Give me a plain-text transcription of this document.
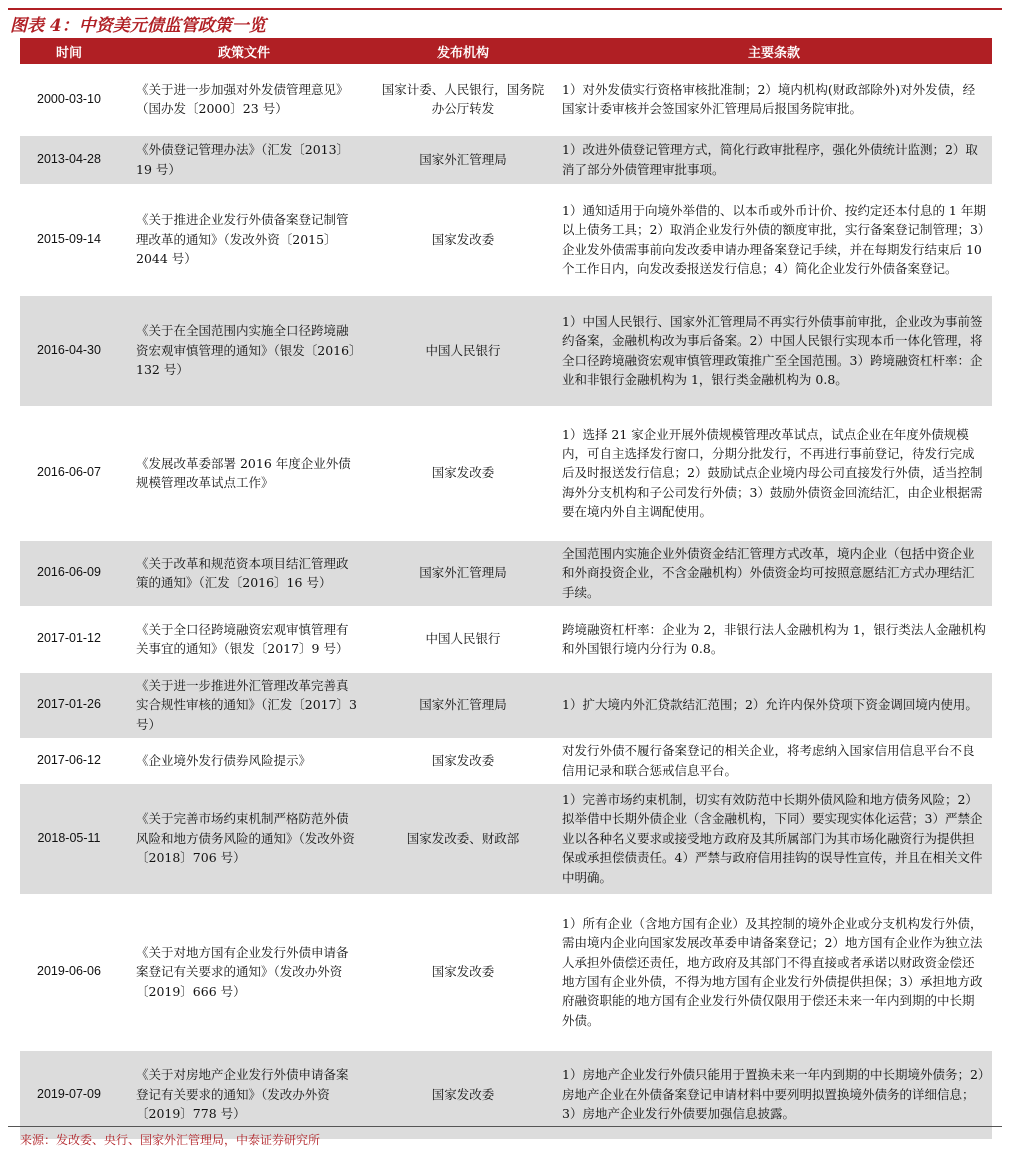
图表 4：中资美元债监管政策一览
时间	政策文件	发布机构	主要条款
2000-03-10	《关于进一步加强对外发债管理意见》（国办发〔2000〕23 号）	国家计委、人民银行，国务院办公厅转发	1）对外发债实行资格审核批准制；2）境内机构(财政部除外)对外发债，经国家计委审核并会签国家外汇管理局后报国务院审批。
2013-04-28	《外债登记管理办法》（汇发〔2013〕19 号）	国家外汇管理局	1）改进外债登记管理方式，简化行政审批程序，强化外债统计监测；2）取消了部分外债管理审批事项。
2015-09-14	《关于推进企业发行外债备案登记制管理改革的通知》（发改外资〔2015〕2044 号）	国家发改委	1）通知适用于向境外举借的、以本币或外币计价、按约定还本付息的 1 年期以上债务工具；2）取消企业发行外债的额度审批，实行备案登记制管理；3）企业发外债需事前向发改委申请办理备案登记手续，并在每期发行结束后 10 个工作日内，向发改委报送发行信息；4）简化企业发行外债备案登记。
2016-04-30	《关于在全国范围内实施全口径跨境融资宏观审慎管理的通知》（银发〔2016〕132 号）	中国人民银行	1）中国人民银行、国家外汇管理局不再实行外债事前审批，企业改为事前签约备案，金融机构改为事后备案。2）中国人民银行实现本币一体化管理，将全口径跨境融资宏观审慎管理政策推广至全国范围。3）跨境融资杠杆率：企业和非银行金融机构为 1，银行类金融机构为 0.8。
2016-06-07	《发展改革委部署 2016 年度企业外债规模管理改革试点工作》	国家发改委	1）选择 21 家企业开展外债规模管理改革试点，试点企业在年度外债规模内，可自主选择发行窗口，分期分批发行，不再进行事前登记，待发行完成后及时报送发行信息；2）鼓励试点企业境内母公司直接发行外债，适当控制海外分支机构和子公司发行外债；3）鼓励外债资金回流结汇，由企业根据需要在境内外自主调配使用。
2016-06-09	《关于改革和规范资本项目结汇管理政策的通知》（汇发〔2016〕16 号）	国家外汇管理局	全国范围内实施企业外债资金结汇管理方式改革，境内企业（包括中资企业和外商投资企业，不含金融机构）外债资金均可按照意愿结汇方式办理结汇手续。
2017-01-12	《关于全口径跨境融资宏观审慎管理有关事宜的通知》（银发〔2017〕9 号）	中国人民银行	跨境融资杠杆率：企业为 2，非银行法人金融机构为 1，银行类法人金融机构和外国银行境内分行为 0.8。
2017-01-26	《关于进一步推进外汇管理改革完善真实合规性审核的通知》（汇发〔2017〕3 号）	国家外汇管理局	1）扩大境内外汇贷款结汇范围；2）允许内保外贷项下资金调回境内使用。
2017-06-12	《企业境外发行债券风险提示》	国家发改委	对发行外债不履行备案登记的相关企业，将考虑纳入国家信用信息平台不良信用记录和联合惩戒信息平台。
2018-05-11	《关于完善市场约束机制严格防范外债风险和地方债务风险的通知》（发改外资〔2018〕706 号）	国家发改委、财政部	1）完善市场约束机制，切实有效防范中长期外债风险和地方债务风险；2）拟举借中长期外债企业（含金融机构，下同）要实现实体化运营；3）严禁企业以各种名义要求或接受地方政府及其所属部门为其市场化融资行为提供担保或承担偿债责任。4）严禁与政府信用挂钩的误导性宣传，并且在相关文件中明确。
2019-06-06	《关于对地方国有企业发行外债申请备案登记有关要求的通知》（发改办外资〔2019〕666 号）	国家发改委	1）所有企业（含地方国有企业）及其控制的境外企业或分支机构发行外债，需由境内企业向国家发展改革委申请备案登记；2）地方国有企业作为独立法人承担外债偿还责任，地方政府及其部门不得直接或者承诺以财政资金偿还地方国有企业外债，不得为地方国有企业发行外债提供担保；3）承担地方政府融资职能的地方国有企业发行外债仅限用于偿还未来一年内到期的中长期外债。
2019-07-09	《关于对房地产企业发行外债申请备案登记有关要求的通知》（发改办外资〔2019〕778 号）	国家发改委	1）房地产企业发行外债只能用于置换未来一年内到期的中长期境外债务；2）房地产企业在外债备案登记申请材料中要列明拟置换境外债务的详细信息；3）房地产企业发行外债要加强信息披露。
来源：发改委、央行、国家外汇管理局，中泰证券研究所
